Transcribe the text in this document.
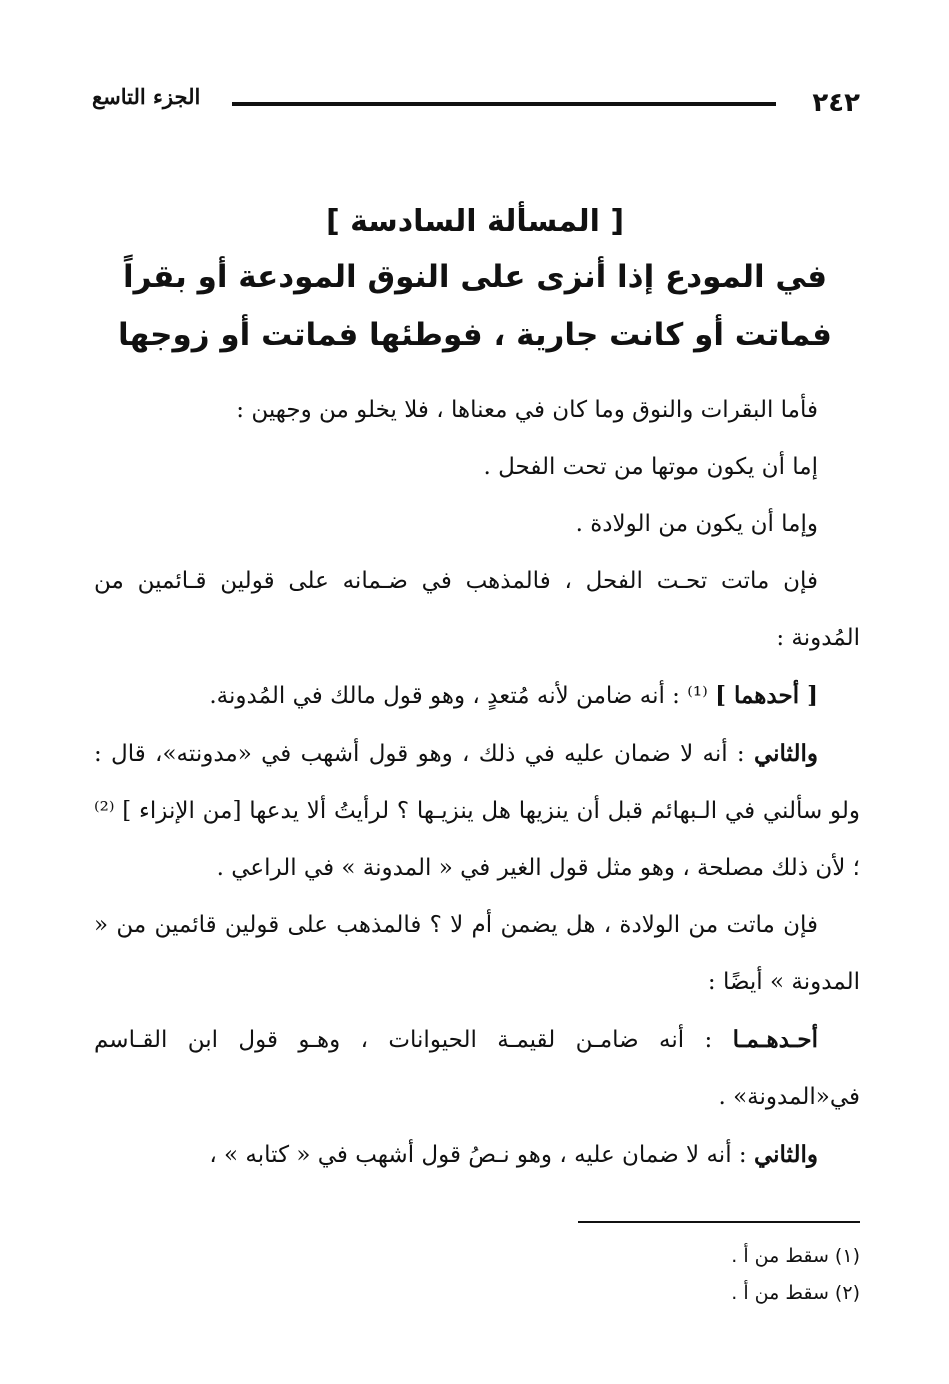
٢٤٢
الجزء التاسع
[ المسألة السادسة ]
في المودع إذا أنزى على النوق المودعة أو بقراً
فماتت أو كانت جارية ، فوطئها فماتت أو زوجها

فأما البقرات والنوق وما كان في معناها ، فلا يخلو من وجهين :

إما أن يكون موتها من تحت الفحل .

وإما أن يكون من الولادة .

فإن ماتت تحـت الفحل ، فالمذهب في ضـمانه على قولين قـائمين من المُدونة :

[ أحدهما ] ⁽¹⁾ : أنه ضامن لأنه مُتعدٍ ، وهو قول مالك في المُدونة.

والثاني : أنه لا ضمان عليه في ذلك ، وهو قول أشهب في «مدونته»، قال : ولو سألني في الـبهائم قبل أن ينزيها هل ينزيـها ؟ لرأيتُ ألا يدعها [من الإنزاء ] ⁽²⁾ ؛ لأن ذلك مصلحة ، وهو مثل قول الغير في « المدونة » في الراعي .

فإن ماتت من الولادة ، هل يضمن أم لا ؟ فالمذهب على قولين قائمين من « المدونة » أيضًا :

أحـدهـمـا : أنه ضامـن لقيمـة الحيوانات ، وهـو قول ابن القـاسم في«المدونة» .

والثاني : أنه لا ضمان عليه ، وهو نـصُ قول أشهب في « كتابه » ،

(١) سقط من أ .
(٢) سقط من أ .
